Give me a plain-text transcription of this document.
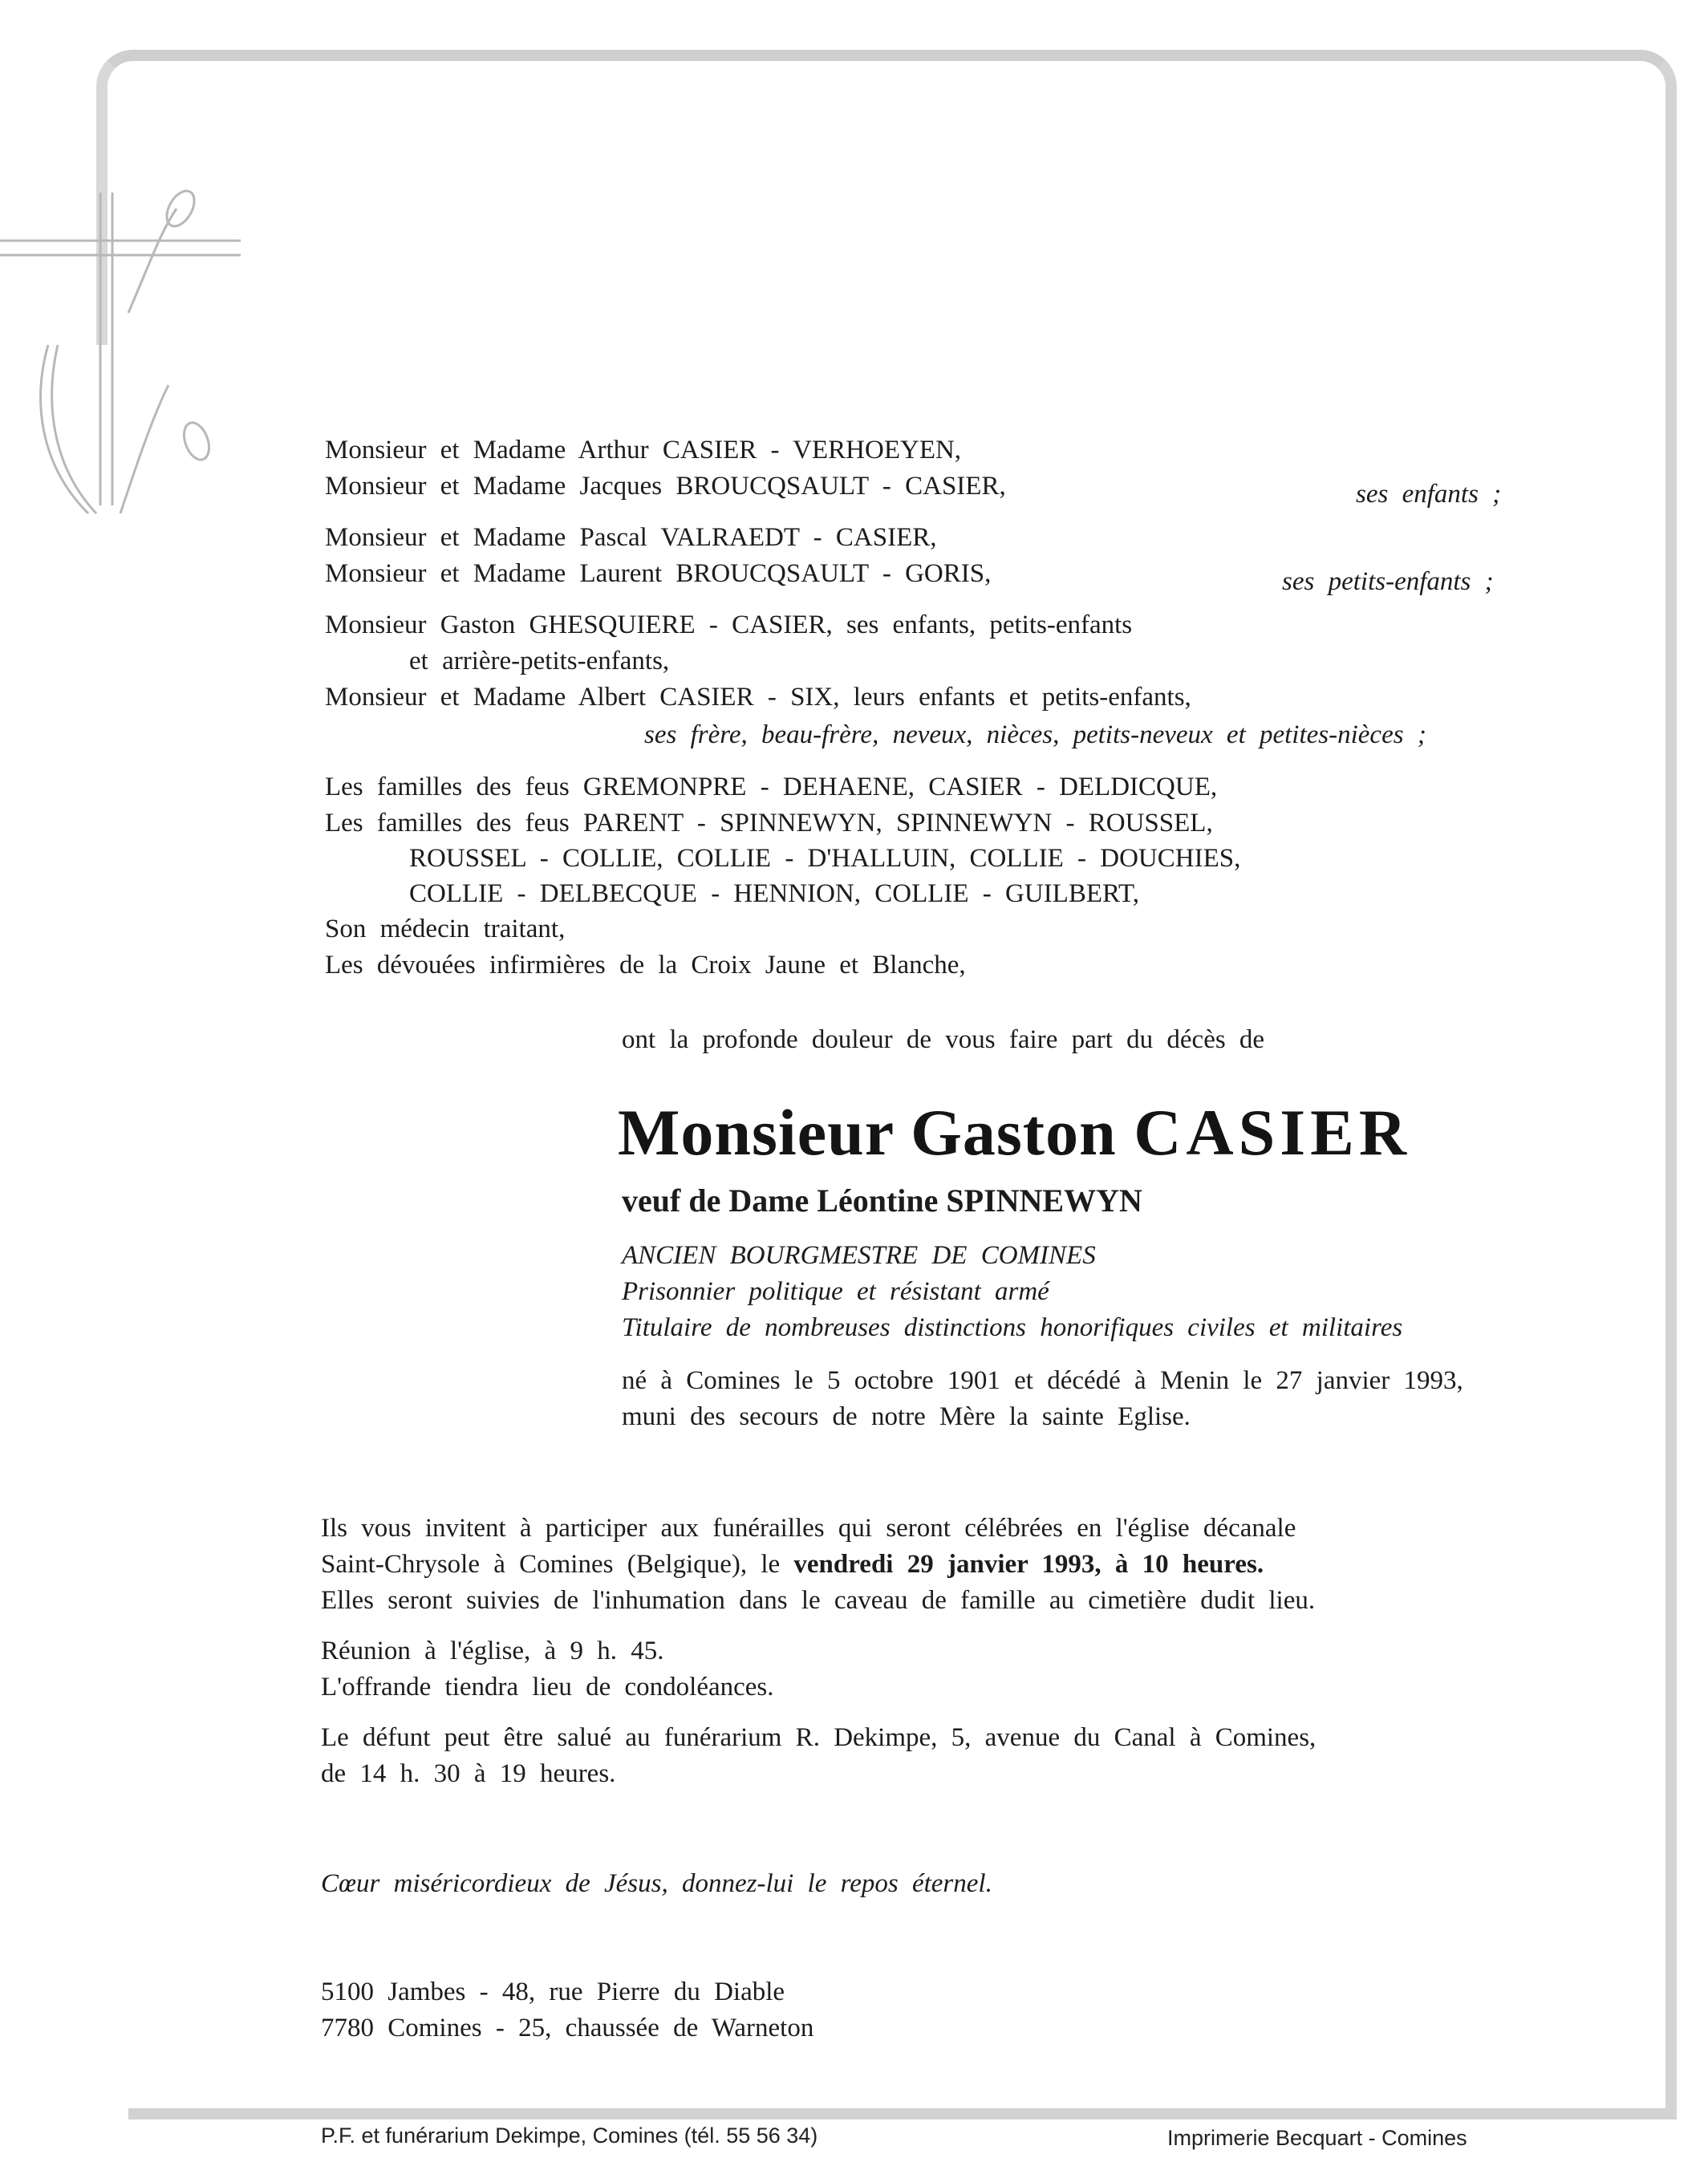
Monsieur et Madame Arthur CASIER - VERHOEYEN,
Monsieur et Madame Jacques BROUCQSAULT - CASIER,	ses enfants ;
Monsieur et Madame Pascal VALRAEDT - CASIER,
Monsieur et Madame Laurent BROUCQSAULT - GORIS,	ses petits-enfants ;
Monsieur Gaston GHESQUIERE - CASIER, ses enfants, petits-enfants
et arrière-petits-enfants,
Monsieur et Madame Albert CASIER - SIX, leurs enfants et petits-enfants,
ses frère, beau-frère, neveux, nièces, petits-neveux et petites-nièces ;
Les familles des feus GREMONPRE - DEHAENE, CASIER - DELDICQUE,
Les familles des feus PARENT - SPINNEWYN, SPINNEWYN - ROUSSEL,
ROUSSEL - COLLIE, COLLIE - D'HALLUIN, COLLIE - DOUCHIES,
COLLIE - DELBECQUE - HENNION, COLLIE - GUILBERT,
Son médecin traitant,
Les dévouées infirmières de la Croix Jaune et Blanche,
ont la profonde douleur de vous faire part du décès de
Monsieur Gaston CASIER
veuf de Dame Léontine SPINNEWYN
ANCIEN BOURGMESTRE DE COMINES
Prisonnier politique et résistant armé
Titulaire de nombreuses distinctions honorifiques civiles et militaires
né à Comines le 5 octobre 1901 et décédé à Menin le 27 janvier 1993,
muni des secours de notre Mère la sainte Eglise.
Ils vous invitent à participer aux funérailles qui seront célébrées en l'église décanale
Saint-Chrysole à Comines (Belgique), le vendredi 29 janvier 1993, à 10 heures.
Elles seront suivies de l'inhumation dans le caveau de famille au cimetière dudit lieu.
Réunion à l'église, à 9 h. 45.
L'offrande tiendra lieu de condoléances.
Le défunt peut être salué au funérarium R. Dekimpe, 5, avenue du Canal à Comines,
de 14 h. 30 à 19 heures.
Cœur miséricordieux de Jésus, donnez-lui le repos éternel.
5100 Jambes - 48, rue Pierre du Diable
7780 Comines - 25, chaussée de Warneton
P.F. et funérarium Dekimpe, Comines (tél. 55 56 34)	Imprimerie Becquart - Comines
